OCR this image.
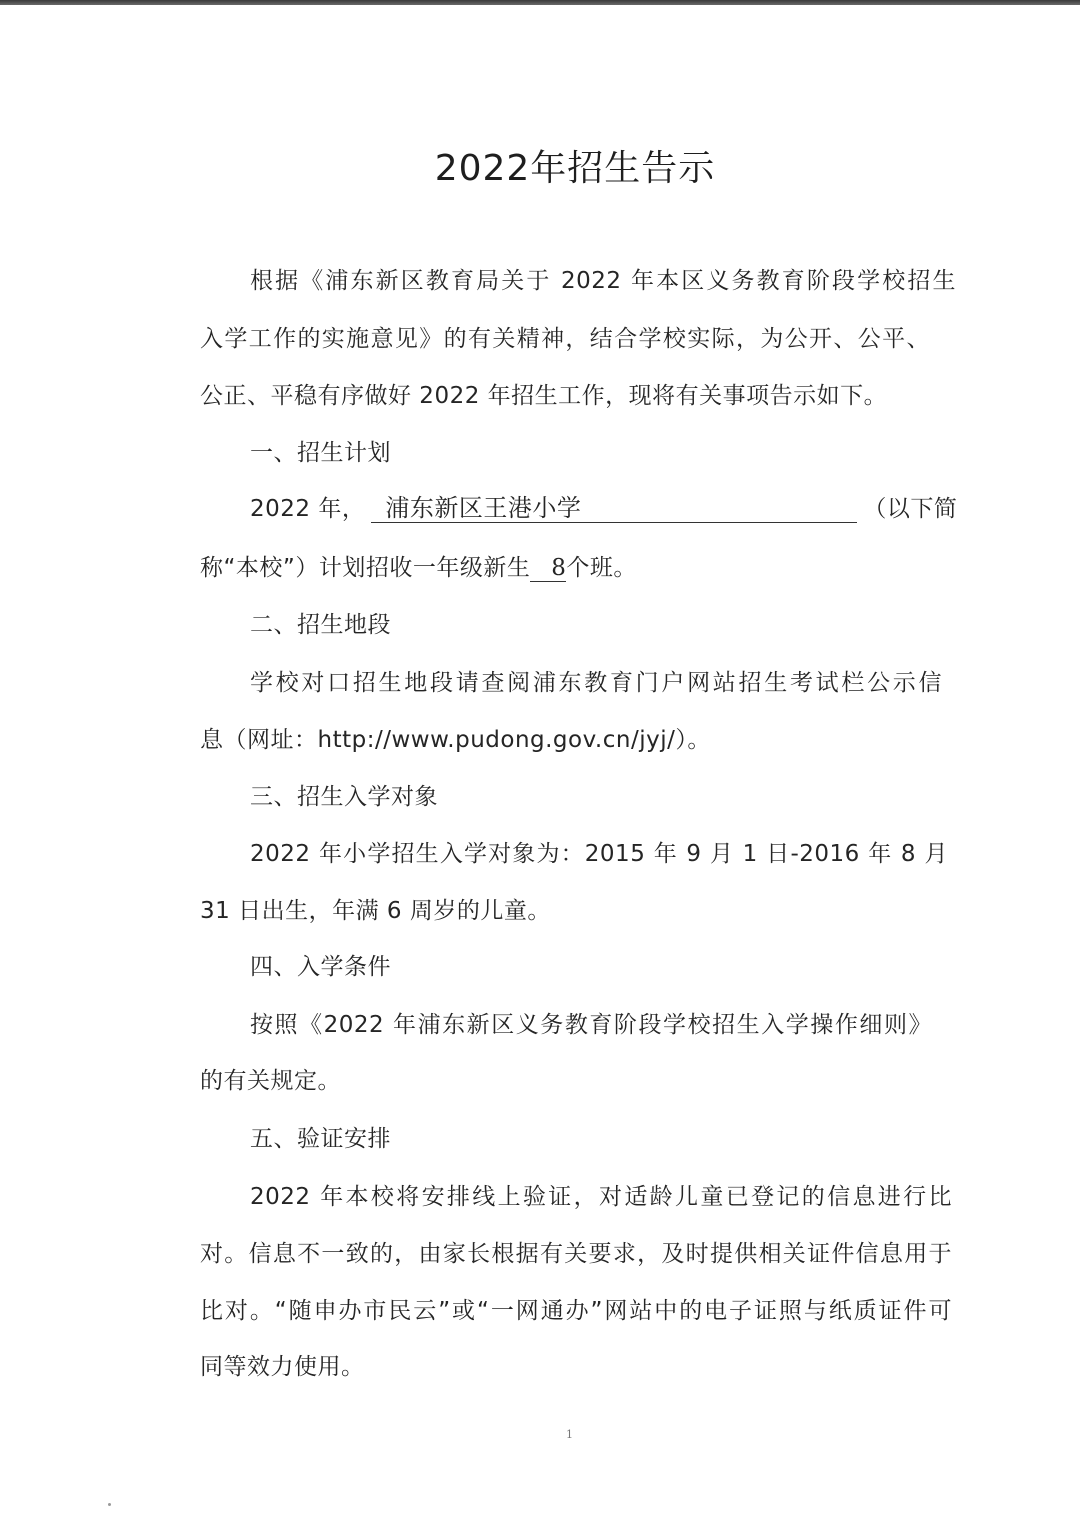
2022年招生告示
根据《浦东新区教育局关于 2022 年本区义务教育阶段学校招生
入学工作的实施意见》的有关精神，结合学校实际，为公开、公平、
公正、平稳有序做好 2022 年招生工作，现将有关事项告示如下。
一、招生计划
2022 年， 浦东新区王港小学	（以下简
称“本校”）计划招收一年级新生 8个班。
二、招生地段
学校对口招生地段请查阅浦东教育门户网站招生考试栏公示信
息（网址：http://www.pudong.gov.cn/jyj/）。
三、招生入学对象
2022 年小学招生入学对象为：2015 年 9 月 1 日-2016 年 8 月
31 日出生，年满 6 周岁的儿童。
四、入学条件
按照《2022 年浦东新区义务教育阶段学校招生入学操作细则》
的有关规定。
五、验证安排
2022 年本校将安排线上验证，对适龄儿童已登记的信息进行比
对。信息不一致的，由家长根据有关要求，及时提供相关证件信息用于
比对。“随申办市民云”或“一网通办”网站中的电子证照与纸质证件可
同等效力使用。
1
